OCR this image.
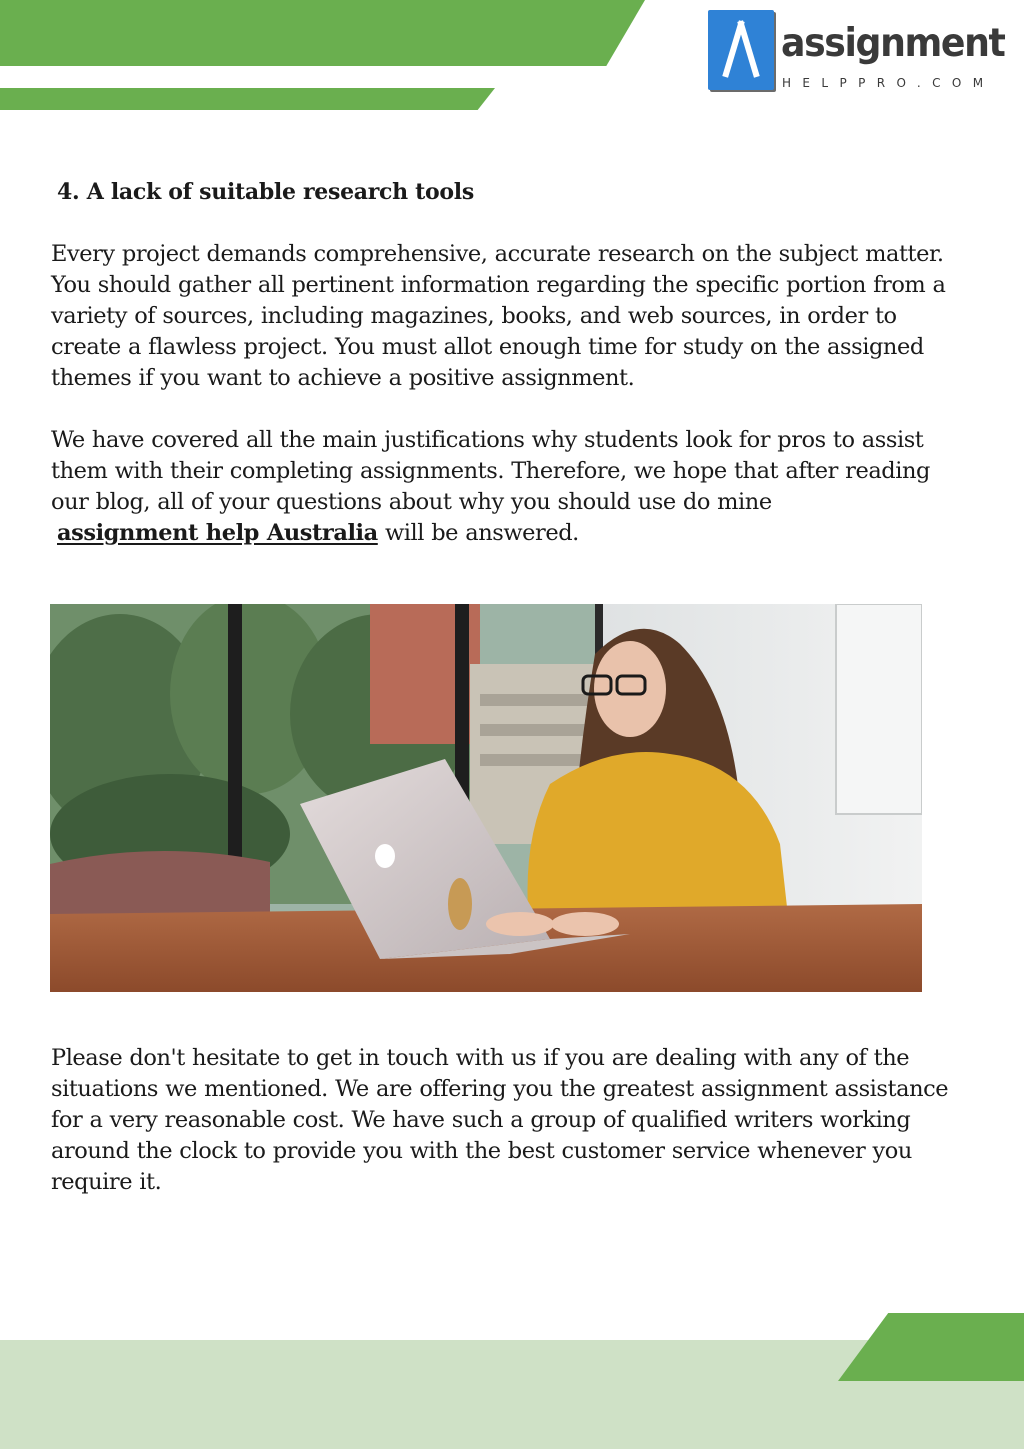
assignment
HELPPRO.COM
4. A lack of suitable research tools

Every project demands comprehensive, accurate research on the subject matter. You should gather all pertinent information regarding the specific portion from a variety of sources, including magazines, books, and web sources, in order to create a flawless project. You must allot enough time for study on the assigned themes if you want to achieve a positive assignment.

We have covered all the main justifications why students look for pros to assist them with their completing assignments. Therefore, we hope that after reading our blog, all of your questions about why you should use do mine
assignment help Australia will be answered.

Please don't hesitate to get in touch with us if you are dealing with any of the situations we mentioned. We are offering you the greatest assignment assistance for a very reasonable cost. We have such a group of qualified writers working around the clock to provide you with the best customer service whenever you require it.
